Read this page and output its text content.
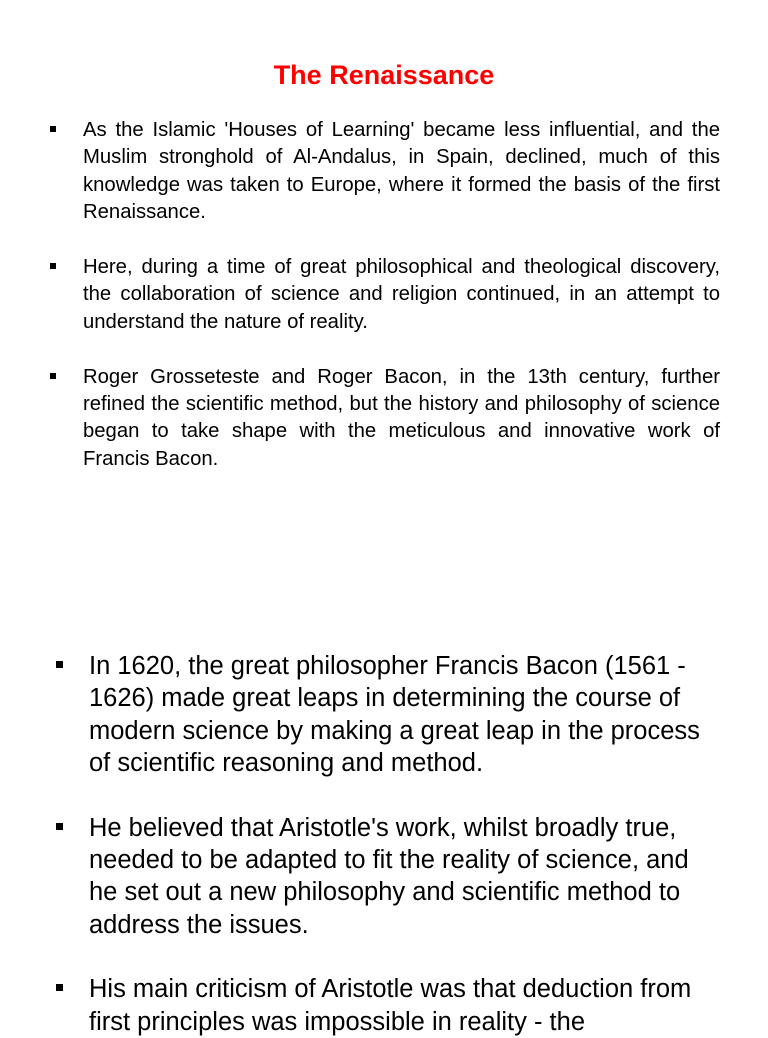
The Renaissance
As the Islamic 'Houses of Learning' became less influential, and the Muslim stronghold of Al-Andalus, in Spain, declined, much of this knowledge was taken to Europe, where it formed the basis of the first Renaissance.
Here, during a time of great philosophical and theological discovery, the collaboration of science and religion continued, in an attempt to understand the nature of reality.
Roger Grosseteste and Roger Bacon, in the 13th century, further refined the scientific method, but the history and philosophy of science began to take shape with the meticulous and innovative work of Francis Bacon.
In 1620, the great philosopher Francis Bacon (1561 - 1626) made great leaps in determining the course of modern science by making a great leap in the process of scientific reasoning and method.
He believed that Aristotle's work, whilst broadly true, needed to be adapted to fit the reality of science, and he set out a new philosophy and scientific method to address the issues.
His main criticism of Aristotle was that deduction from first principles was impossible in reality - the
